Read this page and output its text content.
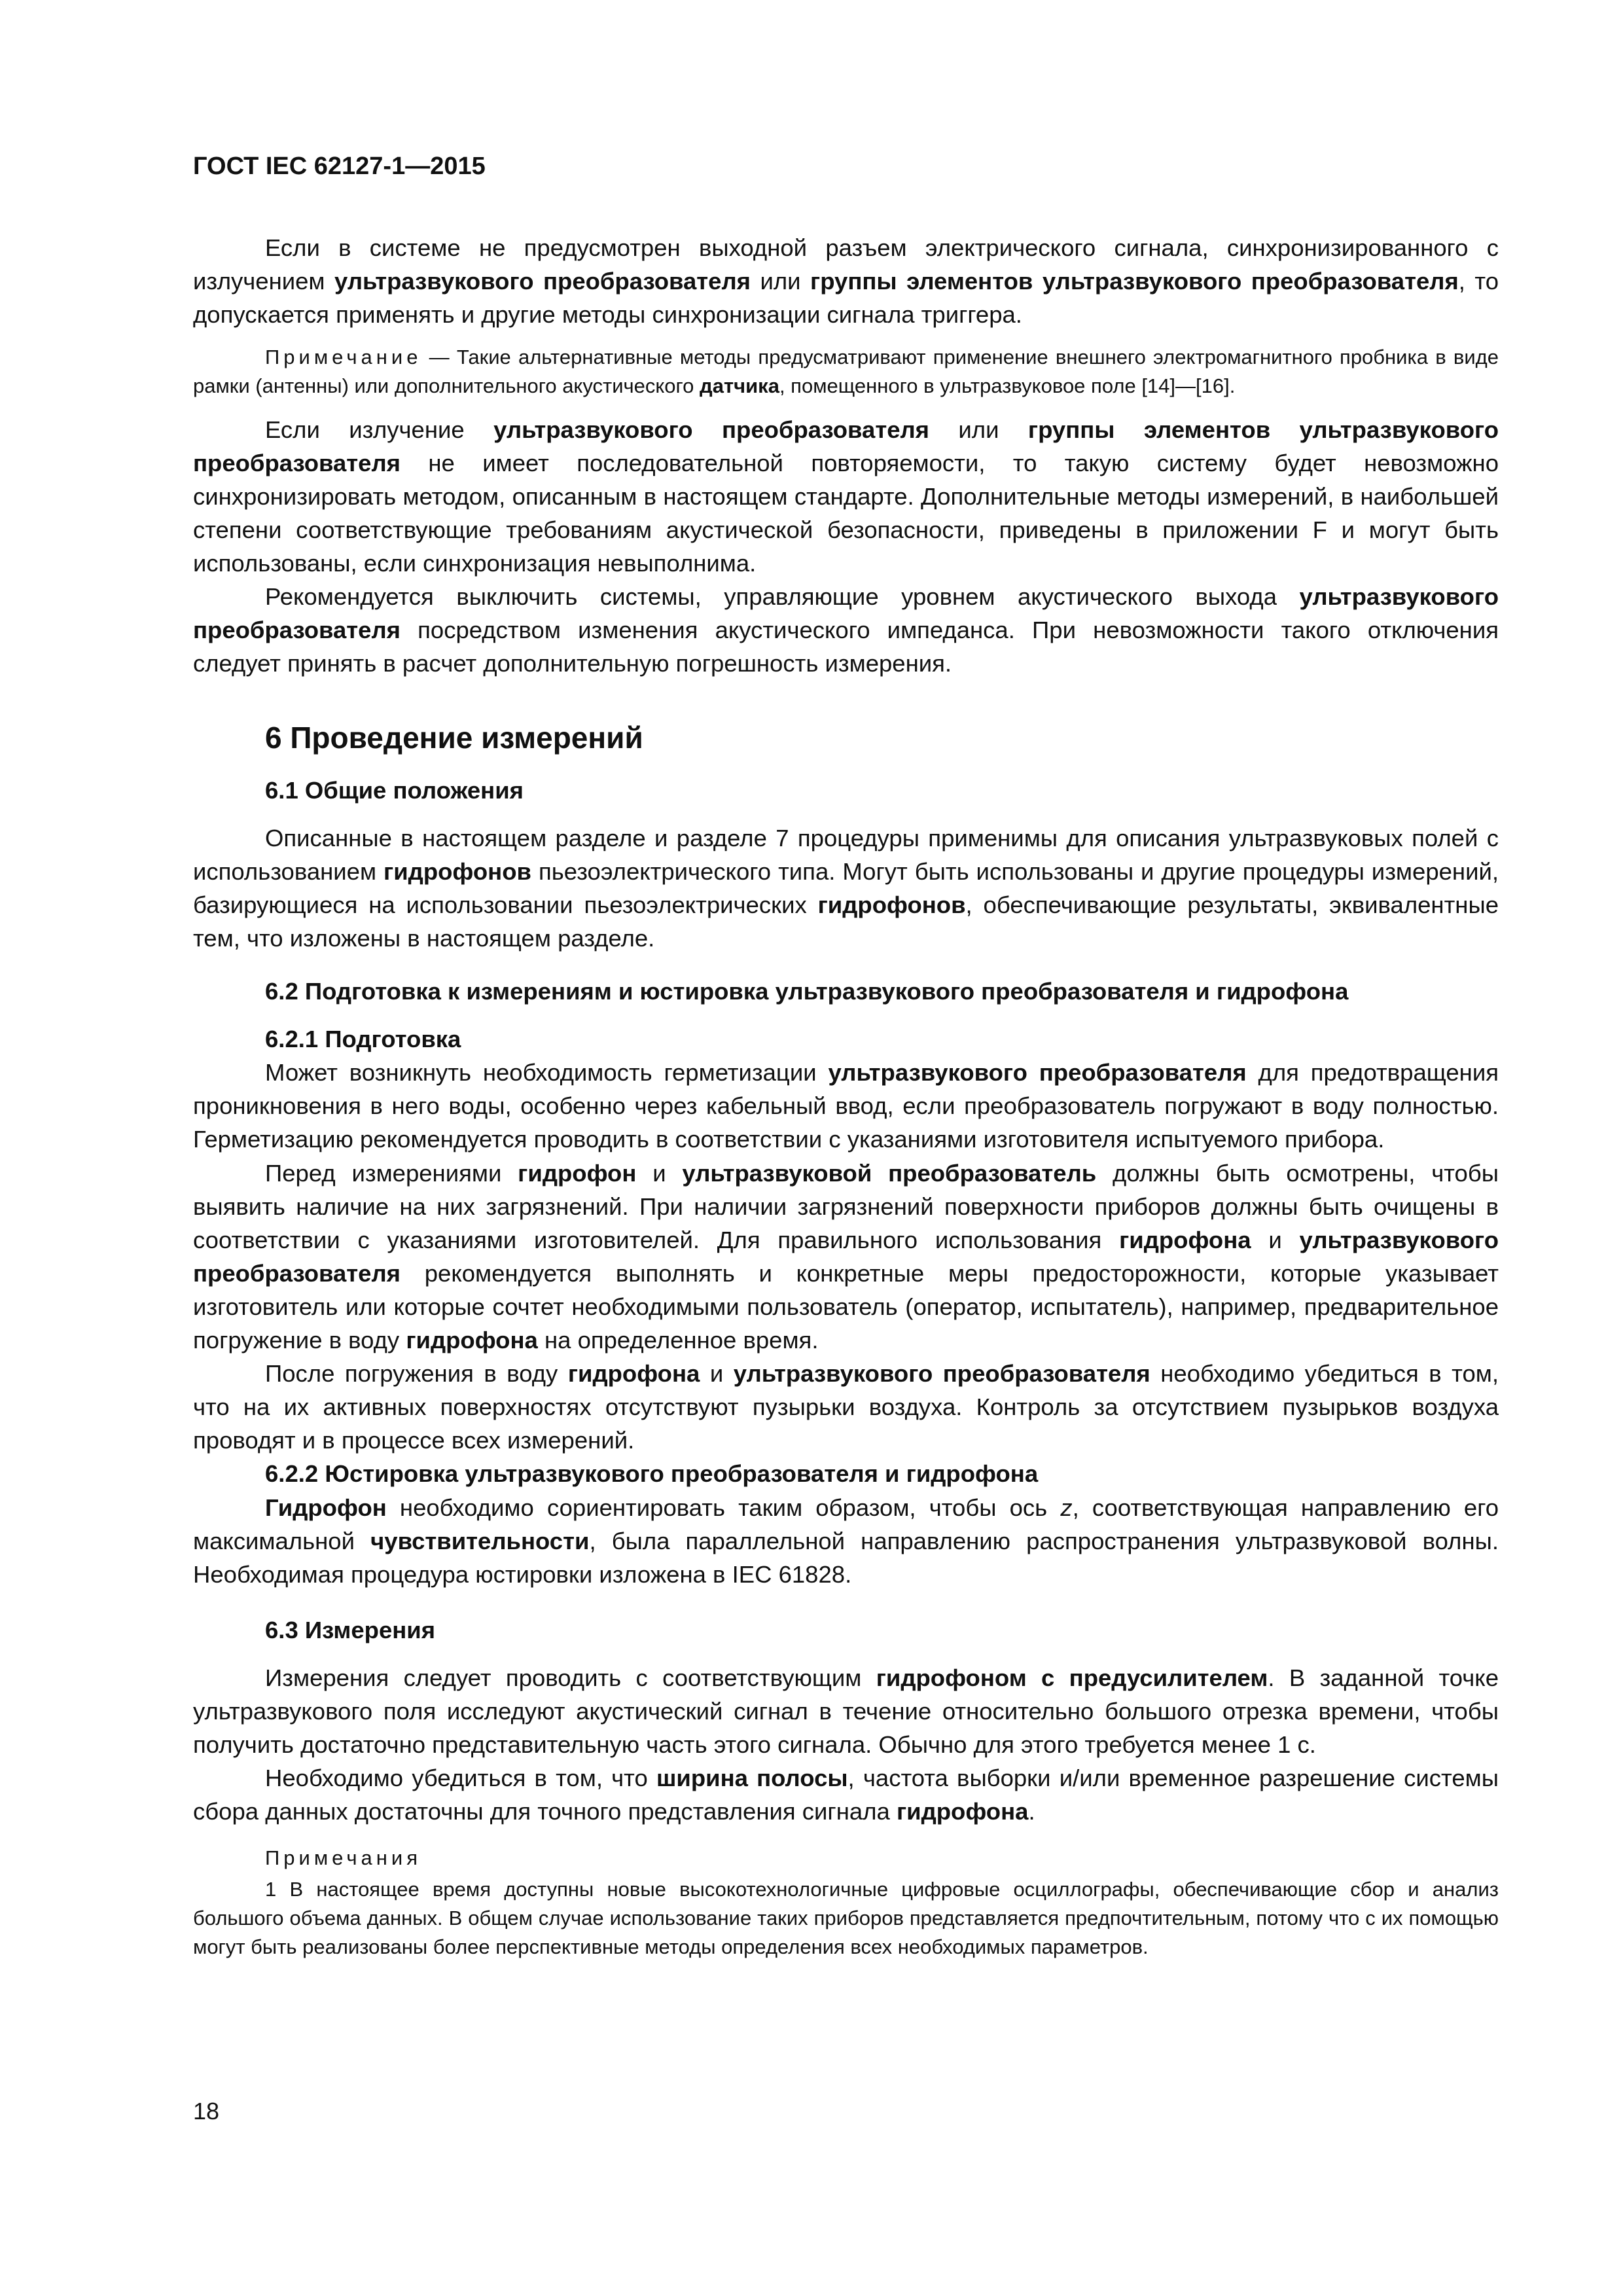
ГОСТ IEC 62127-1—2015

Если в системе не предусмотрен выходной разъем электрического сигнала, синхронизированного с излучением ультразвукового преобразователя или группы элементов ультразвукового преобразователя, то допускается применять и другие методы синхронизации сигнала триггера.

Примечание — Такие альтернативные методы предусматривают применение внешнего электромагнитного пробника в виде рамки (антенны) или дополнительного акустического датчика, помещенного в ультразвуковое поле [14]—[16].

Если излучение ультразвукового преобразователя или группы элементов ультразвукового преобразователя не имеет последовательной повторяемости, то такую систему будет невозможно синхронизировать методом, описанным в настоящем стандарте. Дополнительные методы измерений, в наибольшей степени соответствующие требованиям акустической безопасности, приведены в приложении F и могут быть использованы, если синхронизация невыполнима.

Рекомендуется выключить системы, управляющие уровнем акустического выхода ультразвукового преобразователя посредством изменения акустического импеданса. При невозможности такого отключения следует принять в расчет дополнительную погрешность измерения.

6 Проведение измерений
6.1 Общие положения

Описанные в настоящем разделе и разделе 7 процедуры применимы для описания ультразвуковых полей с использованием гидрофонов пьезоэлектрического типа. Могут быть использованы и другие процедуры измерений, базирующиеся на использовании пьезоэлектрических гидрофонов, обеспечивающие результаты, эквивалентные тем, что изложены в настоящем разделе.

6.2 Подготовка к измерениям и юстировка ультразвукового преобразователя и гидрофона
6.2.1 Подготовка

Может возникнуть необходимость герметизации ультразвукового преобразователя для предотвращения проникновения в него воды, особенно через кабельный ввод, если преобразователь погружают в воду полностью. Герметизацию рекомендуется проводить в соответствии с указаниями изготовителя испытуемого прибора.

Перед измерениями гидрофон и ультразвуковой преобразователь должны быть осмотрены, чтобы выявить наличие на них загрязнений. При наличии загрязнений поверхности приборов должны быть очищены в соответствии с указаниями изготовителей. Для правильного использования гидрофона и ультразвукового преобразователя рекомендуется выполнять и конкретные меры предосторожности, которые указывает изготовитель или которые сочтет необходимыми пользователь (оператор, испытатель), например, предварительное погружение в воду гидрофона на определенное время.

После погружения в воду гидрофона и ультразвукового преобразователя необходимо убедиться в том, что на их активных поверхностях отсутствуют пузырьки воздуха. Контроль за отсутствием пузырьков воздуха проводят и в процессе всех измерений.

6.2.2 Юстировка ультразвукового преобразователя и гидрофона

Гидрофон необходимо сориентировать таким образом, чтобы ось z, соответствующая направлению его максимальной чувствительности, была параллельной направлению распространения ультразвуковой волны. Необходимая процедура юстировки изложена в IEC 61828.

6.3 Измерения

Измерения следует проводить с соответствующим гидрофоном с предусилителем. В заданной точке ультразвукового поля исследуют акустический сигнал в течение относительно большого отрезка времени, чтобы получить достаточно представительную часть этого сигнала. Обычно для этого требуется менее 1 с.

Необходимо убедиться в том, что ширина полосы, частота выборки и/или временное разрешение системы сбора данных достаточны для точного представления сигнала гидрофона.

Примечания
1 В настоящее время доступны новые высокотехнологичные цифровые осциллографы, обеспечивающие сбор и анализ большого объема данных. В общем случае использование таких приборов представляется предпочтительным, потому что с их помощью могут быть реализованы более перспективные методы определения всех необходимых параметров.
18
